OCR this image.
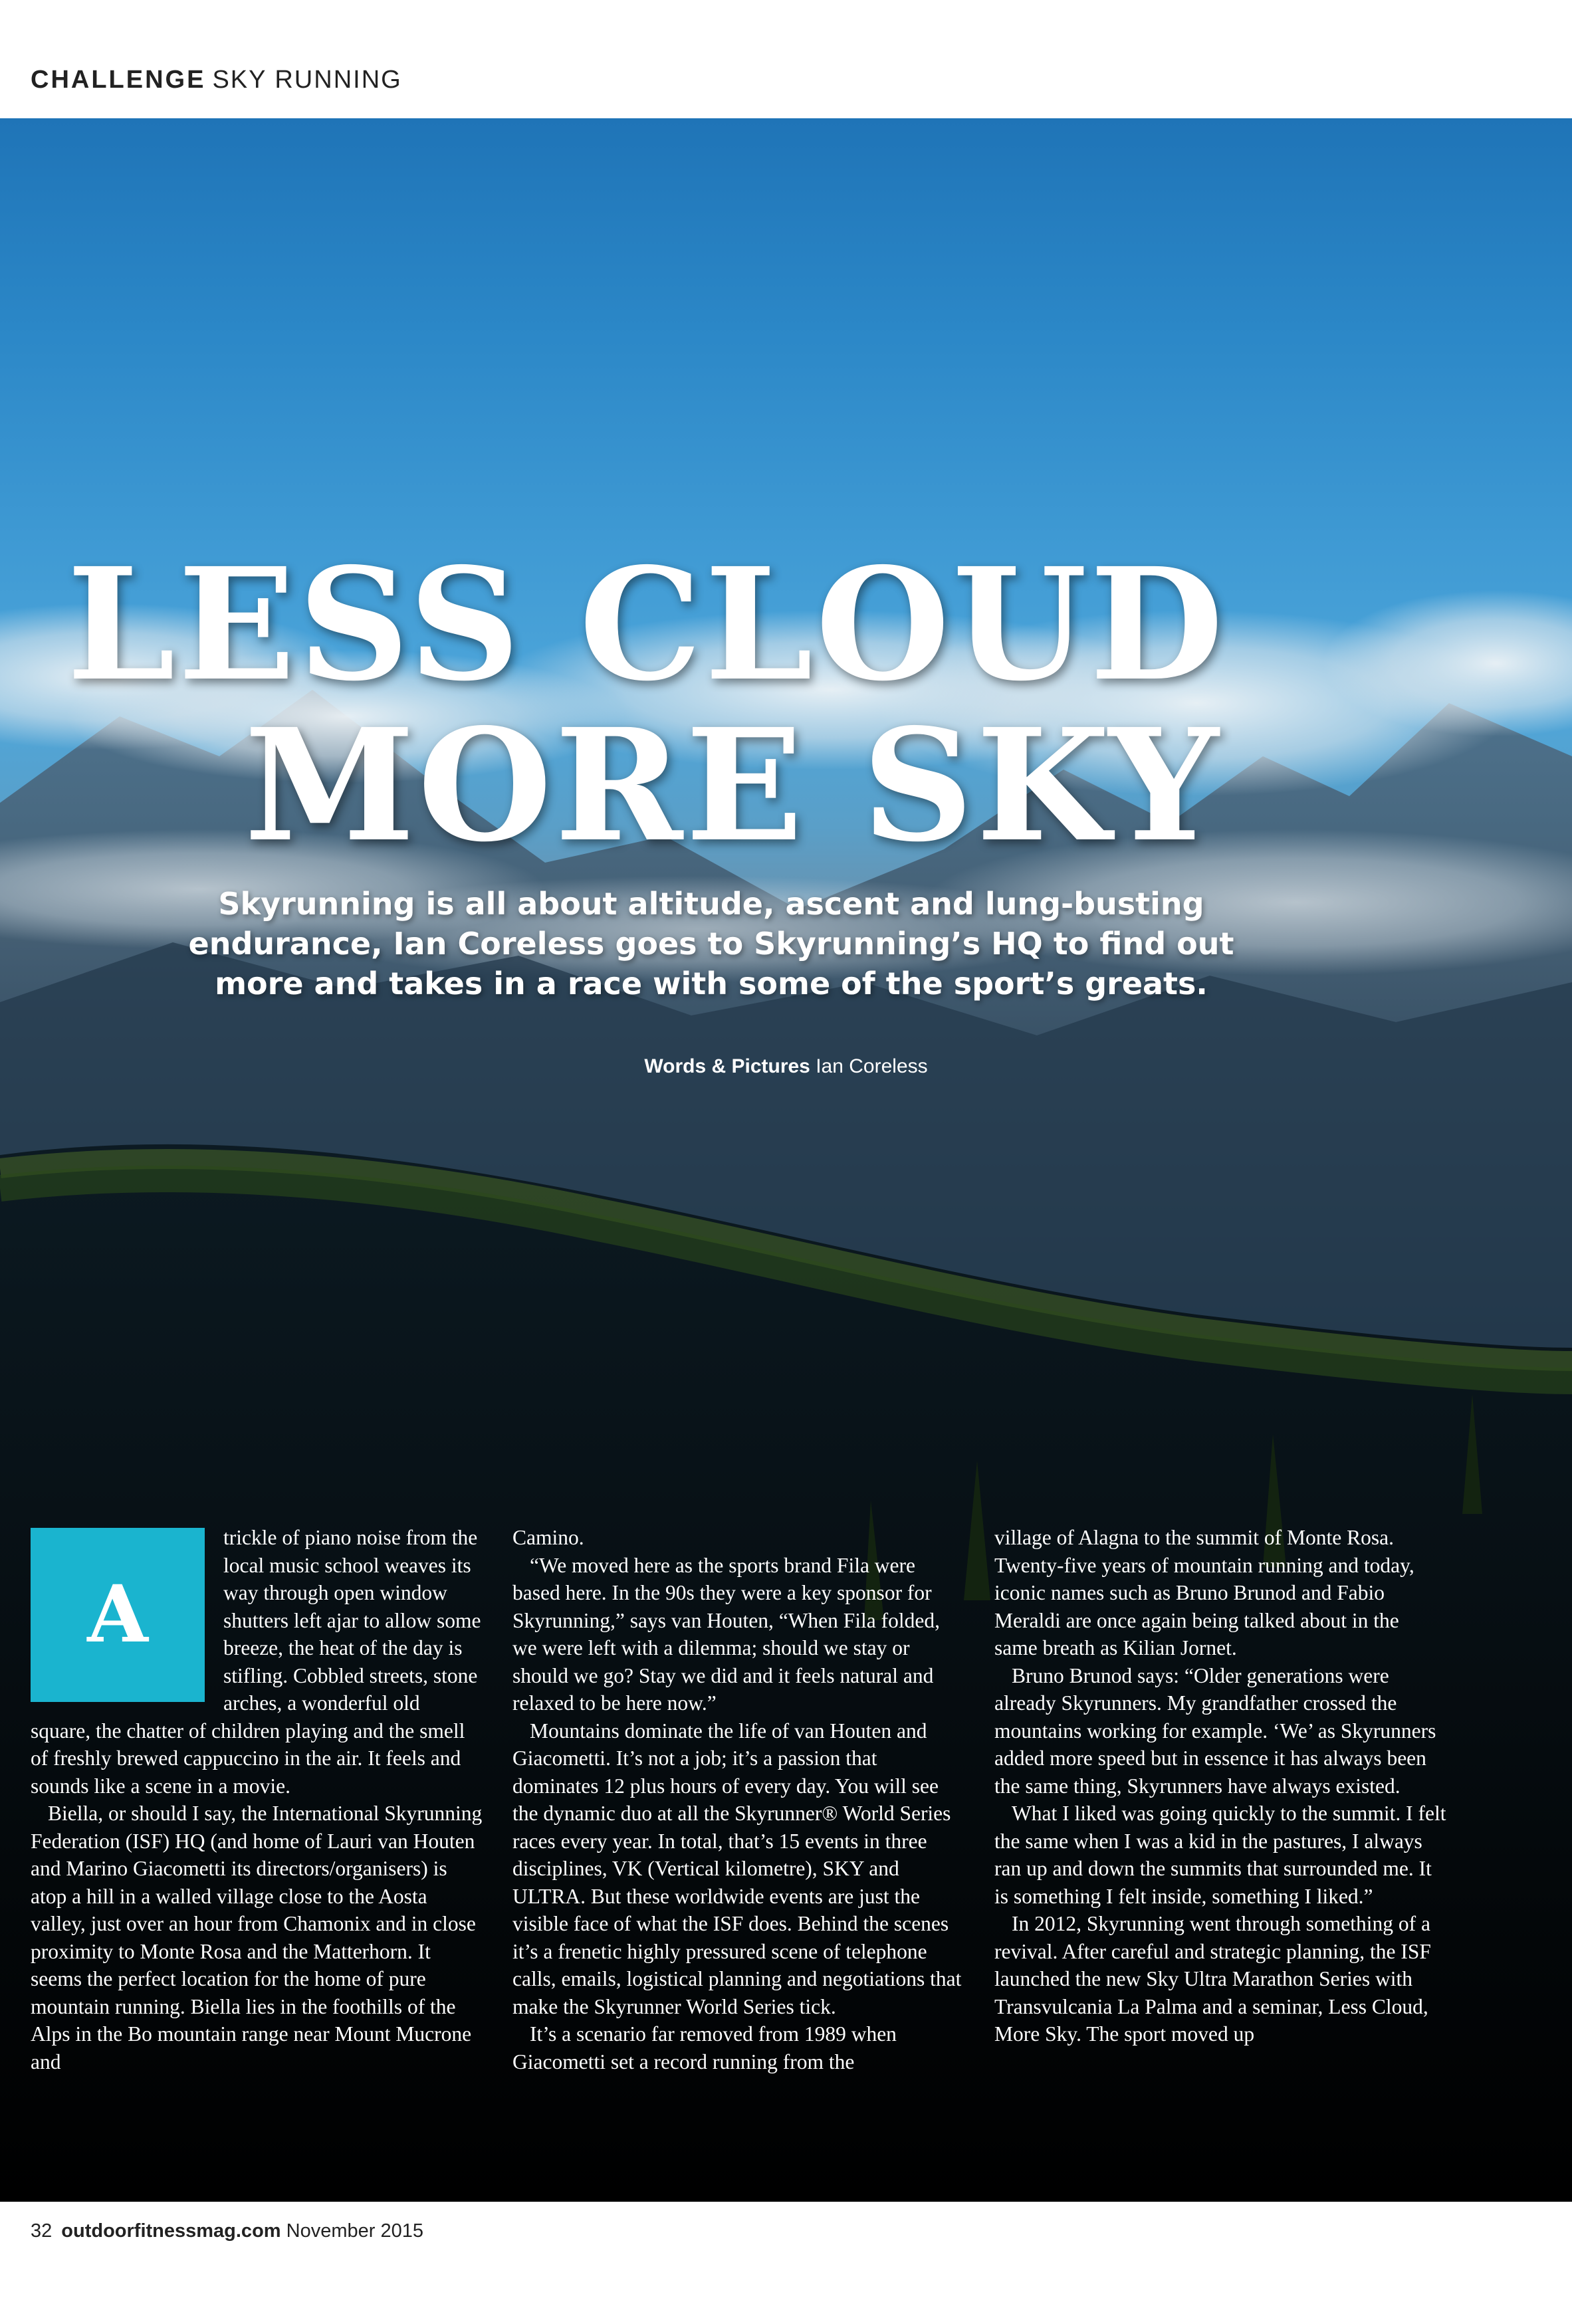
CHALLENGE SKY RUNNING
LESS CLOUD
MORE SKY
Skyrunning is all about altitude, ascent and lung-busting endurance, Ian Coreless goes to Skyrunning’s HQ to find out more and takes in a race with some of the sport’s greats.
Words & Pictures Ian Coreless
A

trickle of piano noise from the local music school weaves its way through open window shutters left ajar to allow some breeze, the heat of the day is stifling. Cobbled streets, stone arches, a wonderful old square, the chatter of children playing and the smell of freshly brewed cappuccino in the air. It feels and sounds like a scene in a movie.

Biella, or should I say, the International Skyrunning Federation (ISF) HQ (and home of Lauri van Houten and Marino Giacometti its directors/organisers) is atop a hill in a walled village close to the Aosta valley, just over an hour from Chamonix and in close proximity to Monte Rosa and the Matterhorn. It seems the perfect location for the home of pure mountain running. Biella lies in the foothills of the Alps in the Bo mountain range near Mount Mucrone and

Camino.

“We moved here as the sports brand Fila were based here. In the 90s they were a key sponsor for Skyrunning,” says van Houten, “When Fila folded, we were left with a dilemma; should we stay or should we go? Stay we did and it feels natural and relaxed to be here now.”

Mountains dominate the life of van Houten and Giacometti. It’s not a job; it’s a passion that dominates 12 plus hours of every day. You will see the dynamic duo at all the Skyrunner® World Series races every year. In total, that’s 15 events in three disciplines, VK (Vertical kilometre), SKY and ULTRA. But these worldwide events are just the visible face of what the ISF does. Behind the scenes it’s a frenetic highly pressured scene of telephone calls, emails, logistical planning and negotiations that make the Skyrunner World Series tick.

It’s a scenario far removed from 1989 when Giacometti set a record running from the

village of Alagna to the summit of Monte Rosa. Twenty-five years of mountain running and today, iconic names such as Bruno Brunod and Fabio Meraldi are once again being talked about in the same breath as Kilian Jornet.

Bruno Brunod says: “Older generations were already Skyrunners. My grandfather crossed the mountains working for example. ‘We’ as Skyrunners added more speed but in essence it has always been the same thing, Skyrunners have always existed.

What I liked was going quickly to the summit. I felt the same when I was a kid in the pastures, I always ran up and down the summits that surrounded me. It is something I felt inside, something I liked.”

In 2012, Skyrunning went through something of a revival. After careful and strategic planning, the ISF launched the new Sky Ultra Marathon Series with Transvulcania La Palma and a seminar, Less Cloud, More Sky. The sport moved up

32 outdoorfitnessmag.com November 2015
